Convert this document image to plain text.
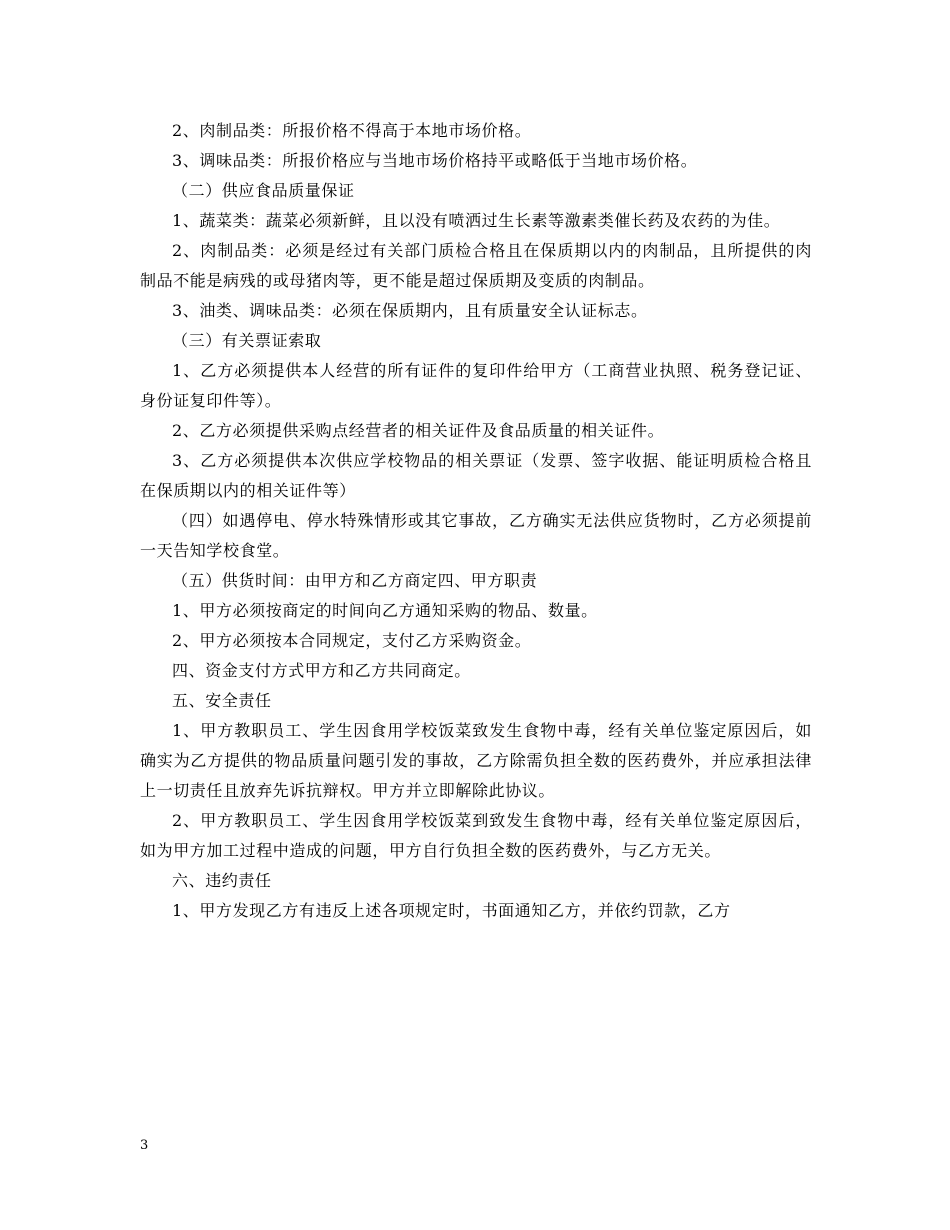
2、肉制品类：所报价格不得高于本地市场价格。

3、调味品类：所报价格应与当地市场价格持平或略低于当地市场价格。

（二）供应食品质量保证

1、蔬菜类：蔬菜必须新鲜，且以没有喷洒过生长素等激素类催长药及农药的为佳。

2、肉制品类：必须是经过有关部门质检合格且在保质期以内的肉制品，且所提供的肉制品不能是病残的或母猪肉等，更不能是超过保质期及变质的肉制品。

3、油类、调味品类：必须在保质期内，且有质量安全认证标志。

（三）有关票证索取

1、乙方必须提供本人经营的所有证件的复印件给甲方（工商营业执照、税务登记证、身份证复印件等）。

2、乙方必须提供采购点经营者的相关证件及食品质量的相关证件。

3、乙方必须提供本次供应学校物品的相关票证（发票、签字收据、能证明质检合格且在保质期以内的相关证件等）

（四）如遇停电、停水特殊情形或其它事故，乙方确实无法供应货物时，乙方必须提前一天告知学校食堂。

（五）供货时间：由甲方和乙方商定四、甲方职责

1、甲方必须按商定的时间向乙方通知采购的物品、数量。

2、甲方必须按本合同规定，支付乙方采购资金。

四、资金支付方式甲方和乙方共同商定。

五、安全责任

1、甲方教职员工、学生因食用学校饭菜致发生食物中毒，经有关单位鉴定原因后，如确实为乙方提供的物品质量问题引发的事故，乙方除需负担全数的医药费外，并应承担法律上一切责任且放弃先诉抗辩权。甲方并立即解除此协议。

2、甲方教职员工、学生因食用学校饭菜到致发生食物中毒，经有关单位鉴定原因后，如为甲方加工过程中造成的问题，甲方自行负担全数的医药费外，与乙方无关。

六、违约责任

1、甲方发现乙方有违反上述各项规定时，书面通知乙方，并依约罚款，乙方

3
